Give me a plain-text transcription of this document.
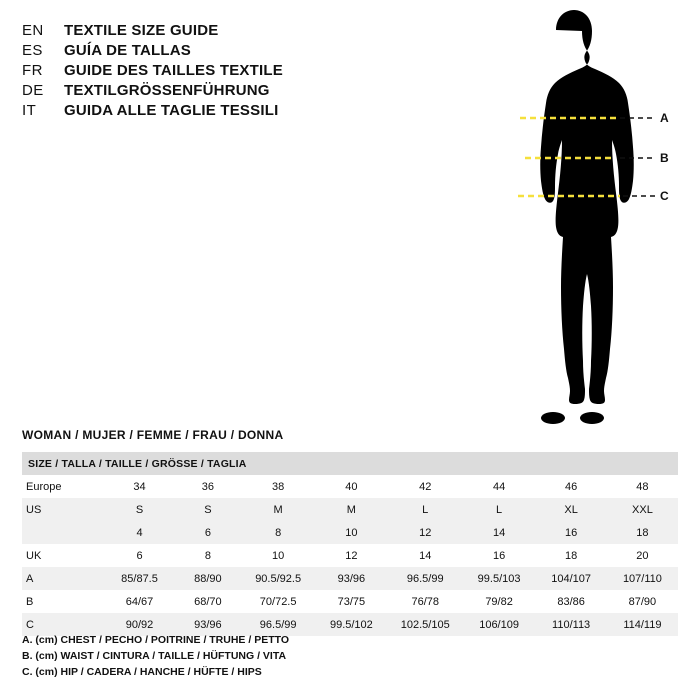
EN	TEXTILE SIZE GUIDE
ES	GUÍA DE TALLAS
FR	GUIDE DES TAILLES TEXTILE
DE	TEXTILGRÖSSENFÜHRUNG
IT	GUIDA ALLE TAGLIE TESSILI	A
B
C
WOMAN / MUJER / FEMME / FRAU / DONNA
SIZE / TALLA / TAILLE / GRÖSSE / TAGLIA								
Europe	34	36	38	40	42	44	46	48
US	S	S	M	M	L	L	XL	XXL
	4	6	8	10	12	14	16	18
UK	6	8	10	12	14	16	18	20
A	85/87.5	88/90	90.5/92.5	93/96	96.5/99	99.5/103	104/107	107/110
B	64/67	68/70	70/72.5	73/75	76/78	79/82	83/86	87/90
C	90/92	93/96	96.5/99	99.5/102	102.5/105	106/109	110/113	114/119
A. (cm) CHEST / PECHO / POITRINE / TRUHE / PETTO
B. (cm) WAIST / CINTURA / TAILLE / HÜFTUNG / VITA
C. (cm) HIP / CADERA / HANCHE / HÜFTE / HIPS
